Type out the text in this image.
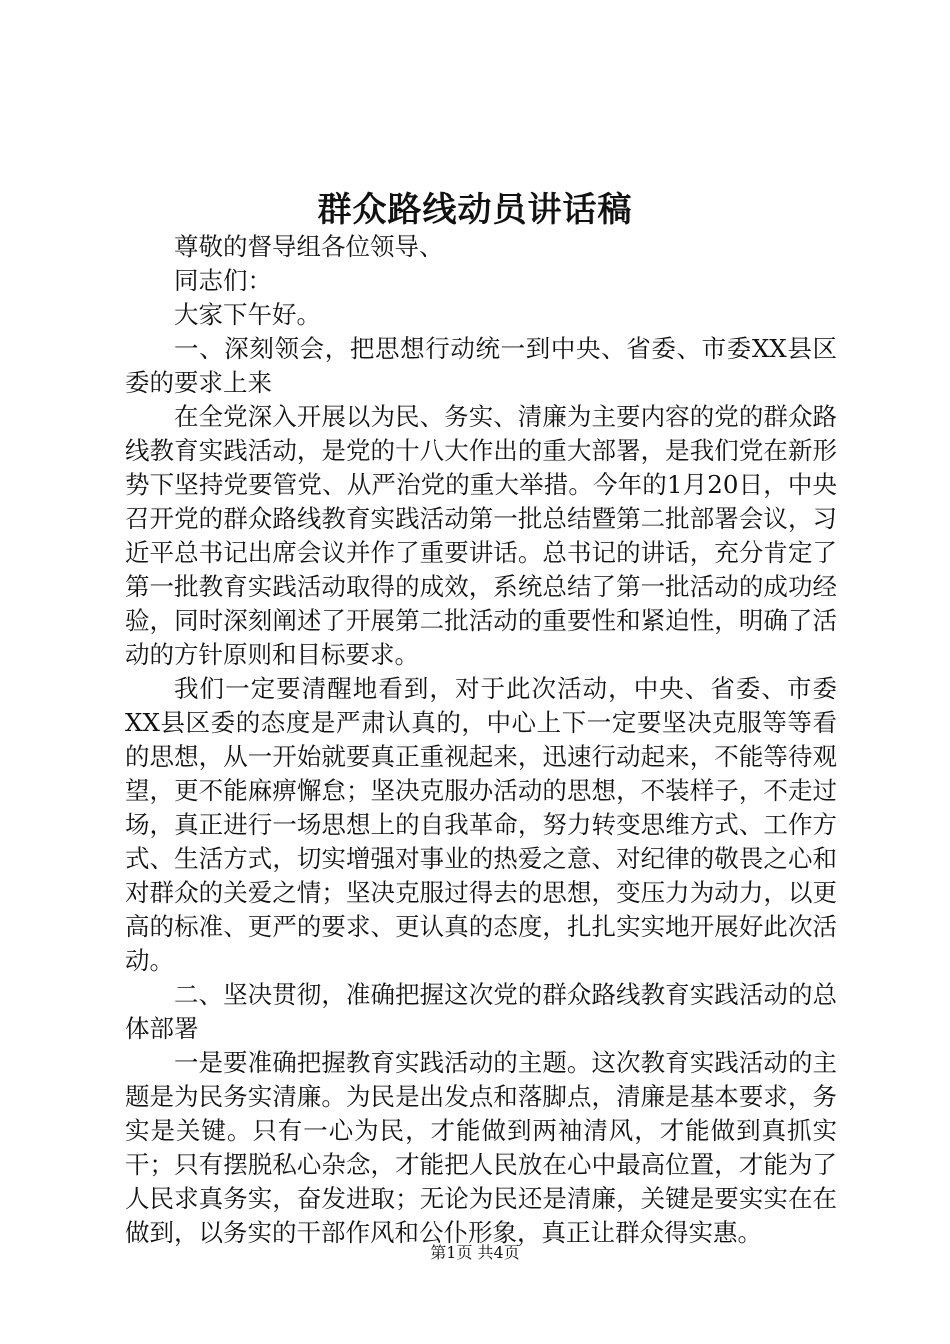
群众路线动员讲话稿

尊敬的督导组各位领导、

同志们：

大家下午好。

一、深刻领会，把思想行动统一到中央、省委、市委XX县区委的要求上来

在全党深入开展以为民、务实、清廉为主要内容的党的群众路线教育实践活动，是党的十八大作出的重大部署，是我们党在新形势下坚持党要管党、从严治党的重大举措。今年的1月20日，中央召开党的群众路线教育实践活动第一批总结暨第二批部署会议，习近平总书记出席会议并作了重要讲话。总书记的讲话，充分肯定了第一批教育实践活动取得的成效，系统总结了第一批活动的成功经验，同时深刻阐述了开展第二批活动的重要性和紧迫性，明确了活动的方针原则和目标要求。

我们一定要清醒地看到，对于此次活动，中央、省委、市委XX县区委的态度是严肃认真的，中心上下一定要坚决克服等等看的思想，从一开始就要真正重视起来，迅速行动起来，不能等待观望，更不能麻痹懈怠；坚决克服办活动的思想，不装样子，不走过场，真正进行一场思想上的自我革命，努力转变思维方式、工作方式、生活方式，切实增强对事业的热爱之意、对纪律的敬畏之心和对群众的关爱之情；坚决克服过得去的思想，变压力为动力，以更高的标准、更严的要求、更认真的态度，扎扎实实地开展好此次活动。

二、坚决贯彻，准确把握这次党的群众路线教育实践活动的总体部署

一是要准确把握教育实践活动的主题。这次教育实践活动的主题是为民务实清廉。为民是出发点和落脚点，清廉是基本要求，务实是关键。只有一心为民，才能做到两袖清风，才能做到真抓实干；只有摆脱私心杂念，才能把人民放在心中最高位置，才能为了人民求真务实，奋发进取；无论为民还是清廉，关键是要实实在在做到，以务实的干部作风和公仆形象，真正让群众得实惠。

第1页 共4页
